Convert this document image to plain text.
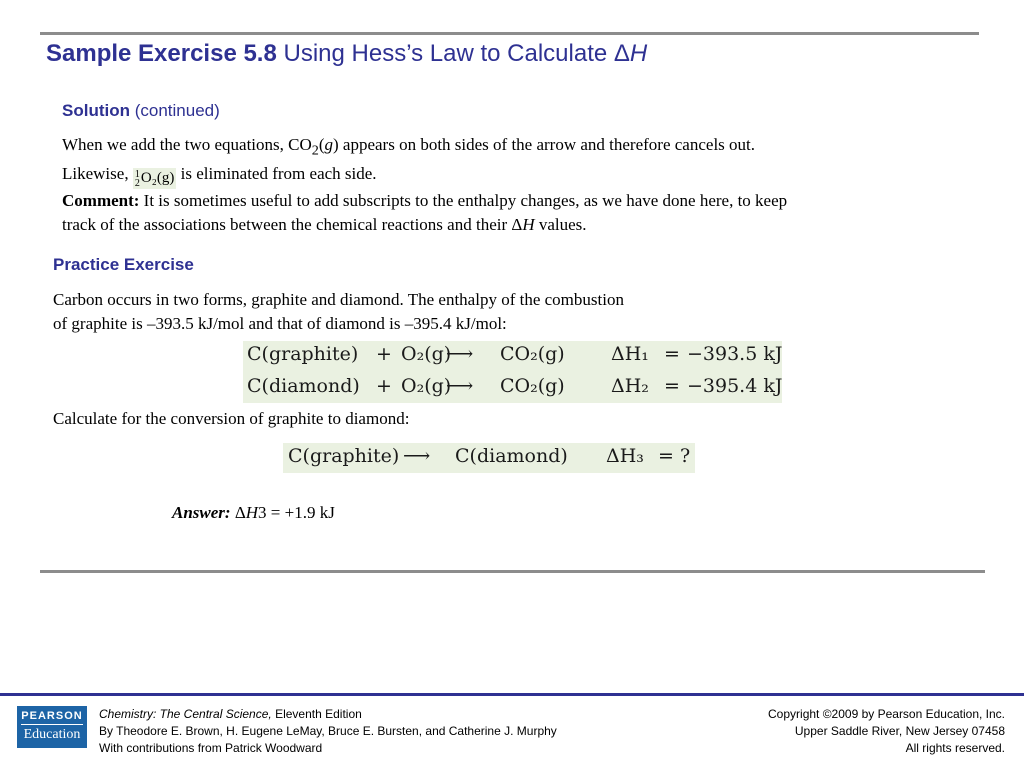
Sample Exercise 5.8 Using Hess’s Law to Calculate ΔH
Solution (continued)
When we add the two equations, $CO_2(g)$ appears on both sides of the arrow and therefore cancels out.
Likewise, 1
2 O₂(g) is eliminated from each side.
Comment: It is sometimes useful to add subscripts to the enthalpy changes, as we have done here, to keep
track of the associations between the chemical reactions and their ΔH values.
Practice Exercise
Carbon occurs in two forms, graphite and diamond. The enthalpy of the combustion
of graphite is –393.5 kJ/mol and that of diamond is –395.4 kJ/mol:
C(graphite) + O₂(g)
⟶ CO₂(g) ΔH₁ = −393.5 kJ
C(diamond) + O₂(g)
⟶ CO₂(g) ΔH₂ = −395.4 kJ
Calculate for the conversion of graphite to diamond:
C(graphite) ⟶ C(diamond) ΔH₃ = ?
Answer: ΔH3 = +1.9 kJ
PEARSON
Education
Chemistry: The Central Science, Eleventh Edition
By Theodore E. Brown, H. Eugene LeMay, Bruce E. Bursten, and Catherine J. Murphy
With contributions from Patrick Woodward
Copyright ©2009 by Pearson Education, Inc.
Upper Saddle River, New Jersey 07458
All rights reserved.
